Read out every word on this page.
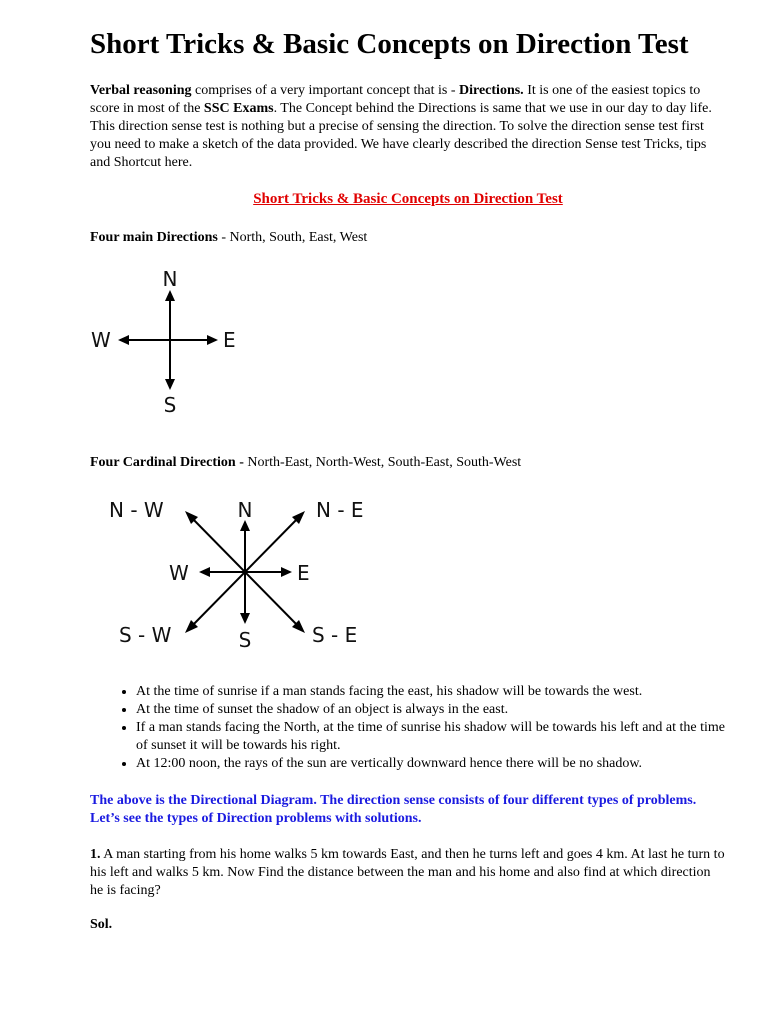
Short Tricks & Basic Concepts on Direction Test

Verbal reasoning comprises of a very important concept that is - Directions. It is one of the easiest topics to score in most of the SSC Exams. The Concept behind the Directions is same that we use in our day to day life. This direction sense test is nothing but a precise of sensing the direction. To solve the direction sense test first you need to make a sketch of the data provided. We have clearly described the direction Sense test Tricks, tips and Shortcut here.

Short Tricks & Basic Concepts on Direction Test

Four main Directions - North, South, East, West

N
S
E
W

Four Cardinal Direction - North-East, North-West, South-East, South-West

N - W	N	N - E
W	E
S - W	S	S - E
• At the time of sunrise if a man stands facing the east, his shadow will be towards the west.
• At the time of sunset the shadow of an object is always in the east.
• If a man stands facing the North, at the time of sunrise his shadow will be towards his left and at the time of sunset it will be towards his right.
• At 12:00 noon, the rays of the sun are vertically downward hence there will be no shadow.

The above is the Directional Diagram. The direction sense consists of four different types of problems. Let’s see the types of Direction problems with solutions.

1. A man starting from his home walks 5 km towards East, and then he turns left and goes 4 km. At last he turn to his left and walks 5 km. Now Find the distance between the man and his home and also find at which direction he is facing?

Sol.
